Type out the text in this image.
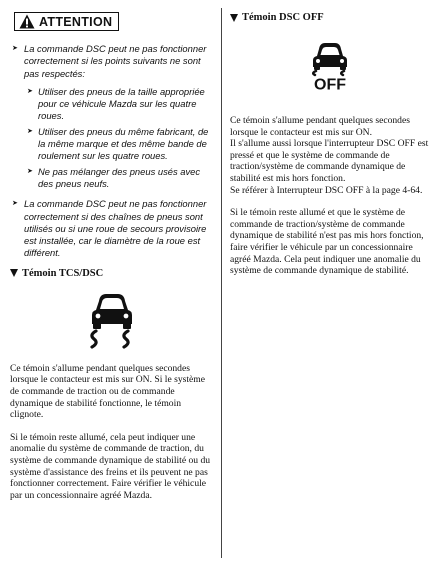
ATTENTION
➤ La commande DSC peut ne pas fonctionner correctement si les points suivants ne sont pas respectés:
➤ Utiliser des pneus de la taille appropriée pour ce véhicule Mazda sur les quatre roues.
➤ Utiliser des pneus du même fabricant, de la même marque et des même bande de roulement sur les quatre roues.
➤ Ne pas mélanger des pneus usés avec des pneus neufs.
➤ La commande DSC peut ne pas fonctionner correctement si des chaînes de pneus sont utilisés ou si une roue de secours provisoire est installée, car le diamètre de la roue est différent.
Témoin TCS/DSC

Ce témoin s'allume pendant quelques secondes lorsque le contacteur est mis sur ON. Si le système de commande de traction ou de commande dynamique de stabilité fonctionne, le témoin clignote.

Si le témoin reste allumé, cela peut indiquer une anomalie du système de commande de traction, du système de commande dynamique de stabilité ou du système d'assistance des freins et ils peuvent ne pas fonctionner correctement. Faire vérifier le véhicule par un concessionnaire agréé Mazda.

Témoin DSC OFF
OFF

Ce témoin s'allume pendant quelques secondes lorsque le contacteur est mis sur ON.

Il s'allume aussi lorsque l'interrupteur DSC OFF est pressé et que le système de commande de traction/système de commande dynamique de stabilité est mis hors fonction.

Se référer à Interrupteur DSC OFF à la page 4-64.

Si le témoin reste allumé et que le système de commande de traction/système de commande dynamique de stabilité n'est pas mis hors fonction, faire vérifier le véhicule par un concessionnaire agréé Mazda. Cela peut indiquer une anomalie du système de commande dynamique de stabilité.
